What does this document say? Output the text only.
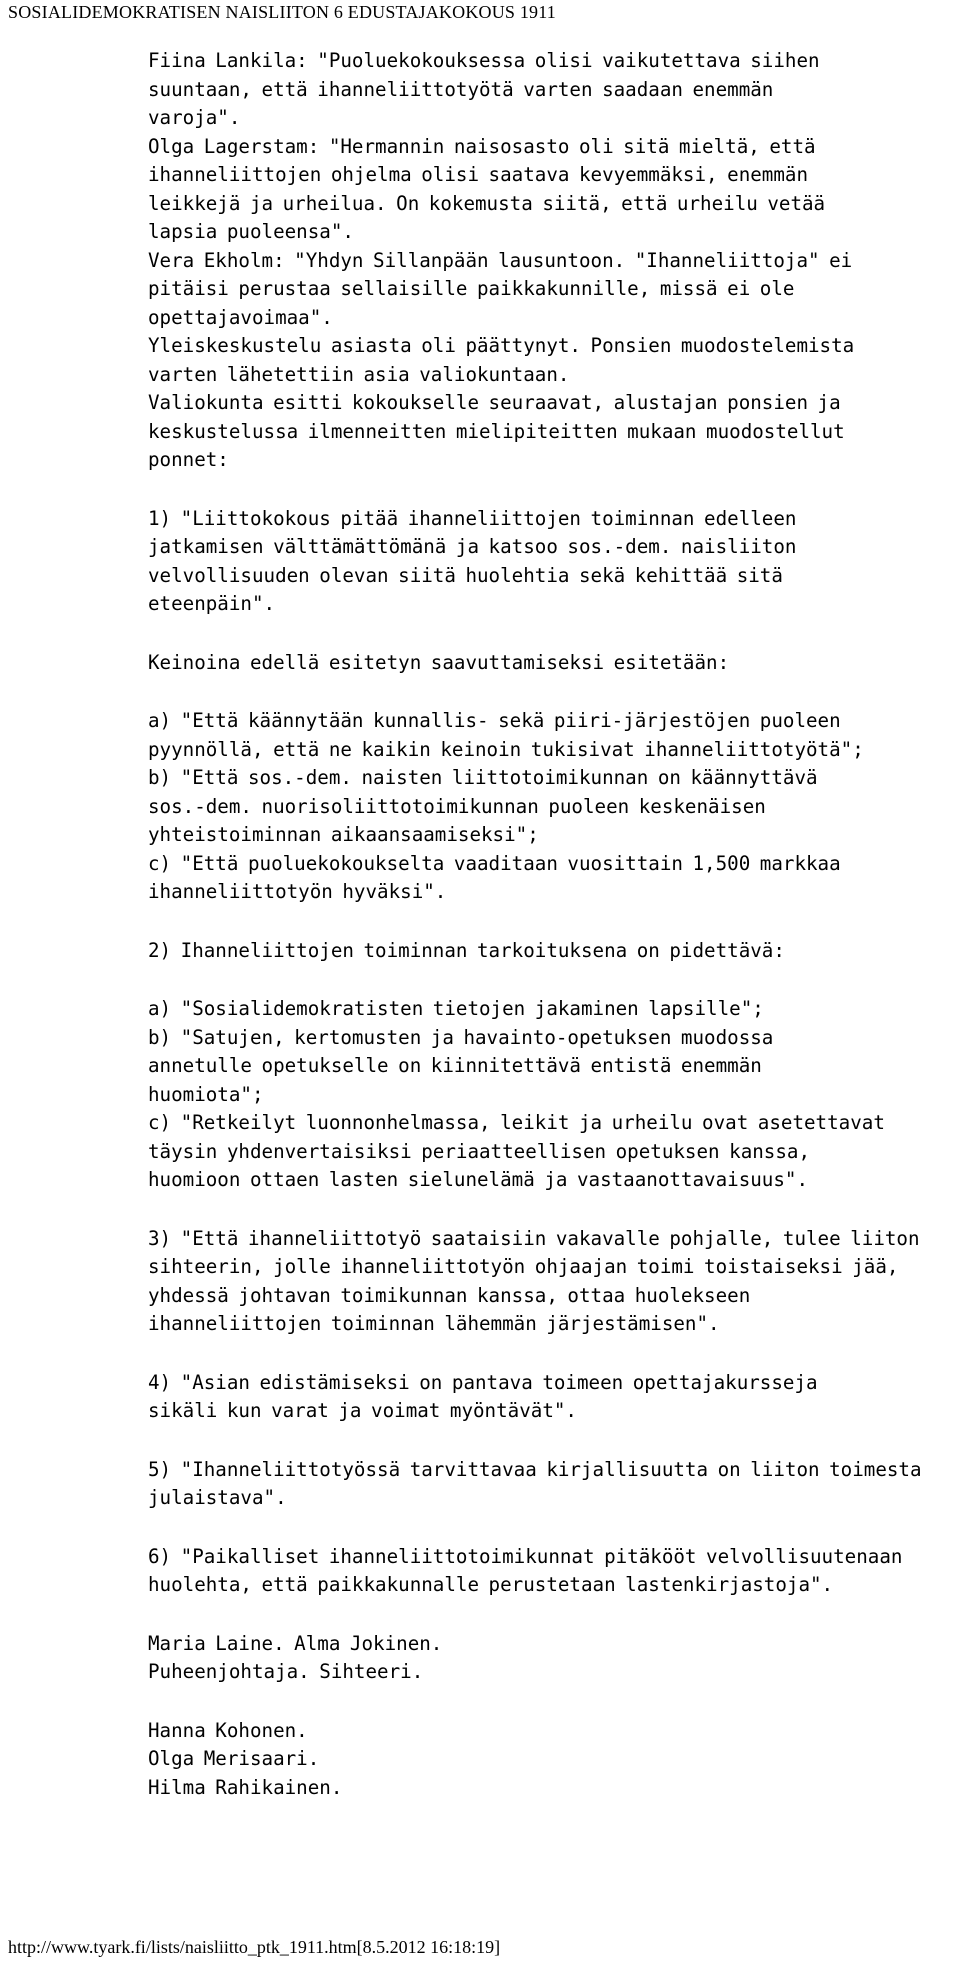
SOSIALIDEMOKRATISEN NAISLIITON 6 EDUSTAJAKOKOUS 1911
Fiina Lankila: "Puoluekokouksessa olisi vaikutettava siihen
suuntaan, että ihanneliittotyötä varten saadaan enemmän
varoja".
Olga Lagerstam: "Hermannin naisosasto oli sitä mieltä, että
ihanneliittojen ohjelma olisi saatava kevyemmäksi, enemmän
leikkejä ja urheilua. On kokemusta siitä, että urheilu vetää
lapsia puoleensa".
Vera Ekholm: "Yhdyn Sillanpään lausuntoon. "Ihanneliittoja" ei
pitäisi perustaa sellaisille paikkakunnille, missä ei ole
opettajavoimaa".
Yleiskeskustelu asiasta oli päättynyt. Ponsien muodostelemista
varten lähetettiin asia valiokuntaan.
Valiokunta esitti kokoukselle seuraavat, alustajan ponsien ja
keskustelussa ilmenneitten mielipiteitten mukaan muodostellut
ponnet:
1) "Liittokokous pitää ihanneliittojen toiminnan edelleen
jatkamisen välttämättömänä ja katsoo sos.-dem. naisliiton
velvollisuuden olevan siitä huolehtia sekä kehittää sitä
eteenpäin".
Keinoina edellä esitetyn saavuttamiseksi esitetään:
a) "Että käännytään kunnallis- sekä piiri-järjestöjen puoleen
pyynnöllä, että ne kaikin keinoin tukisivat ihanneliittotyötä";
b) "Että sos.-dem. naisten liittotoimikunnan on käännyttävä
sos.-dem. nuorisoliittotoimikunnan puoleen keskenäisen
yhteistoiminnan aikaansaamiseksi";
c) "Että puoluekokoukselta vaaditaan vuosittain 1,500 markkaa
ihanneliittotyön hyväksi".
2) Ihanneliittojen toiminnan tarkoituksena on pidettävä:
a) "Sosialidemokratisten tietojen jakaminen lapsille";
b) "Satujen, kertomusten ja havainto-opetuksen muodossa
annetulle opetukselle on kiinnitettävä entistä enemmän
huomiota";
c) "Retkeilyt luonnonhelmassa, leikit ja urheilu ovat asetettavat
täysin yhdenvertaisiksi periaatteellisen opetuksen kanssa,
huomioon ottaen lasten sielunelämä ja vastaanottavaisuus".
3) "Että ihanneliittotyö saataisiin vakavalle pohjalle, tulee liiton
sihteerin, jolle ihanneliittotyön ohjaajan toimi toistaiseksi jää,
yhdessä johtavan toimikunnan kanssa, ottaa huolekseen
ihanneliittojen toiminnan lähemmän järjestämisen".
4) "Asian edistämiseksi on pantava toimeen opettajakursseja
sikäli kun varat ja voimat myöntävät".
5) "Ihanneliittotyössä tarvittavaa kirjallisuutta on liiton toimesta
julaistava".
6) "Paikalliset ihanneliittotoimikunnat pitäkööt velvollisuutenaan
huolehta, että paikkakunnalle perustetaan lastenkirjastoja".
Maria Laine. Alma Jokinen.
Puheenjohtaja. Sihteeri.
Hanna Kohonen.
Olga Merisaari.
Hilma Rahikainen.
http://www.tyark.fi/lists/naisliitto_ptk_1911.htm[8.5.2012 16:18:19]
